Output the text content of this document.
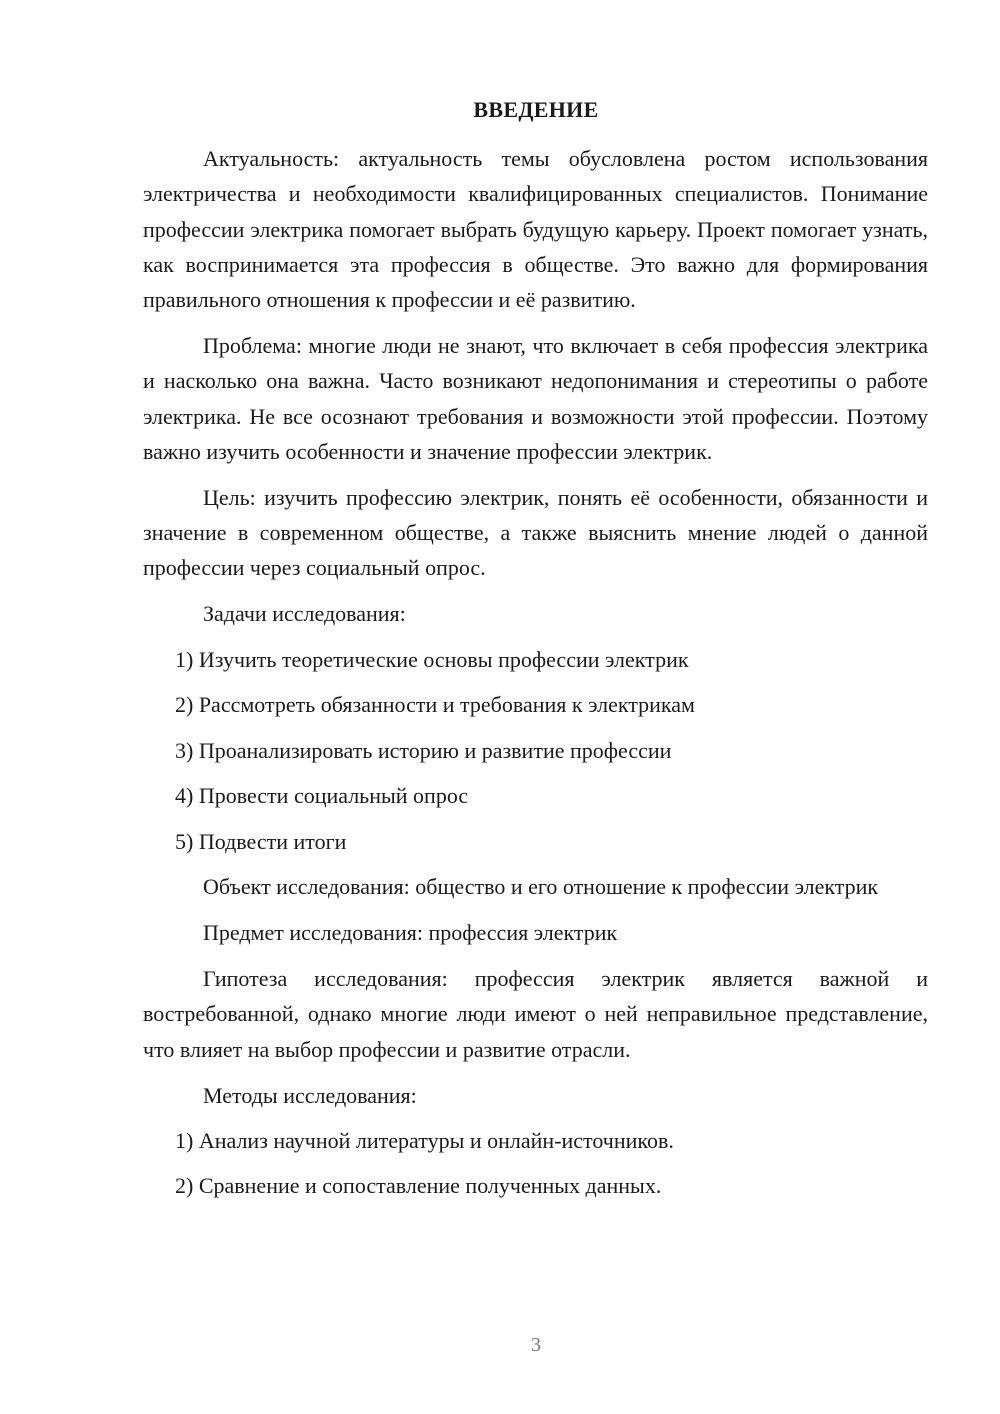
ВВЕДЕНИЕ

Актуальность: актуальность темы обусловлена ростом использования электричества и необходимости квалифицированных специалистов. Понимание профессии электрика помогает выбрать будущую карьеру. Проект помогает узнать, как воспринимается эта профессия в обществе. Это важно для формирования правильного отношения к профессии и её развитию.

Проблема: многие люди не знают, что включает в себя профессия электрика и насколько она важна. Часто возникают недопонимания и стереотипы о работе электрика. Не все осознают требования и возможности этой профессии. Поэтому важно изучить особенности и значение профессии электрик.

Цель: изучить профессию электрик, понять её особенности, обязанности и значение в современном обществе, а также выяснить мнение людей о данной профессии через социальный опрос.

Задачи исследования:

1) Изучить теоретические основы профессии электрик

2) Рассмотреть обязанности и требования к электрикам

3) Проанализировать историю и развитие профессии

4) Провести социальный опрос

5) Подвести итоги

Объект исследования: общество и его отношение к профессии электрик

Предмет исследования: профессия электрик

Гипотеза исследования: профессия электрик является важной и востребованной, однако многие люди имеют о ней неправильное представление, что влияет на выбор профессии и развитие отрасли.

Методы исследования:

1) Анализ научной литературы и онлайн-источников.

2) Сравнение и сопоставление полученных данных.

3
